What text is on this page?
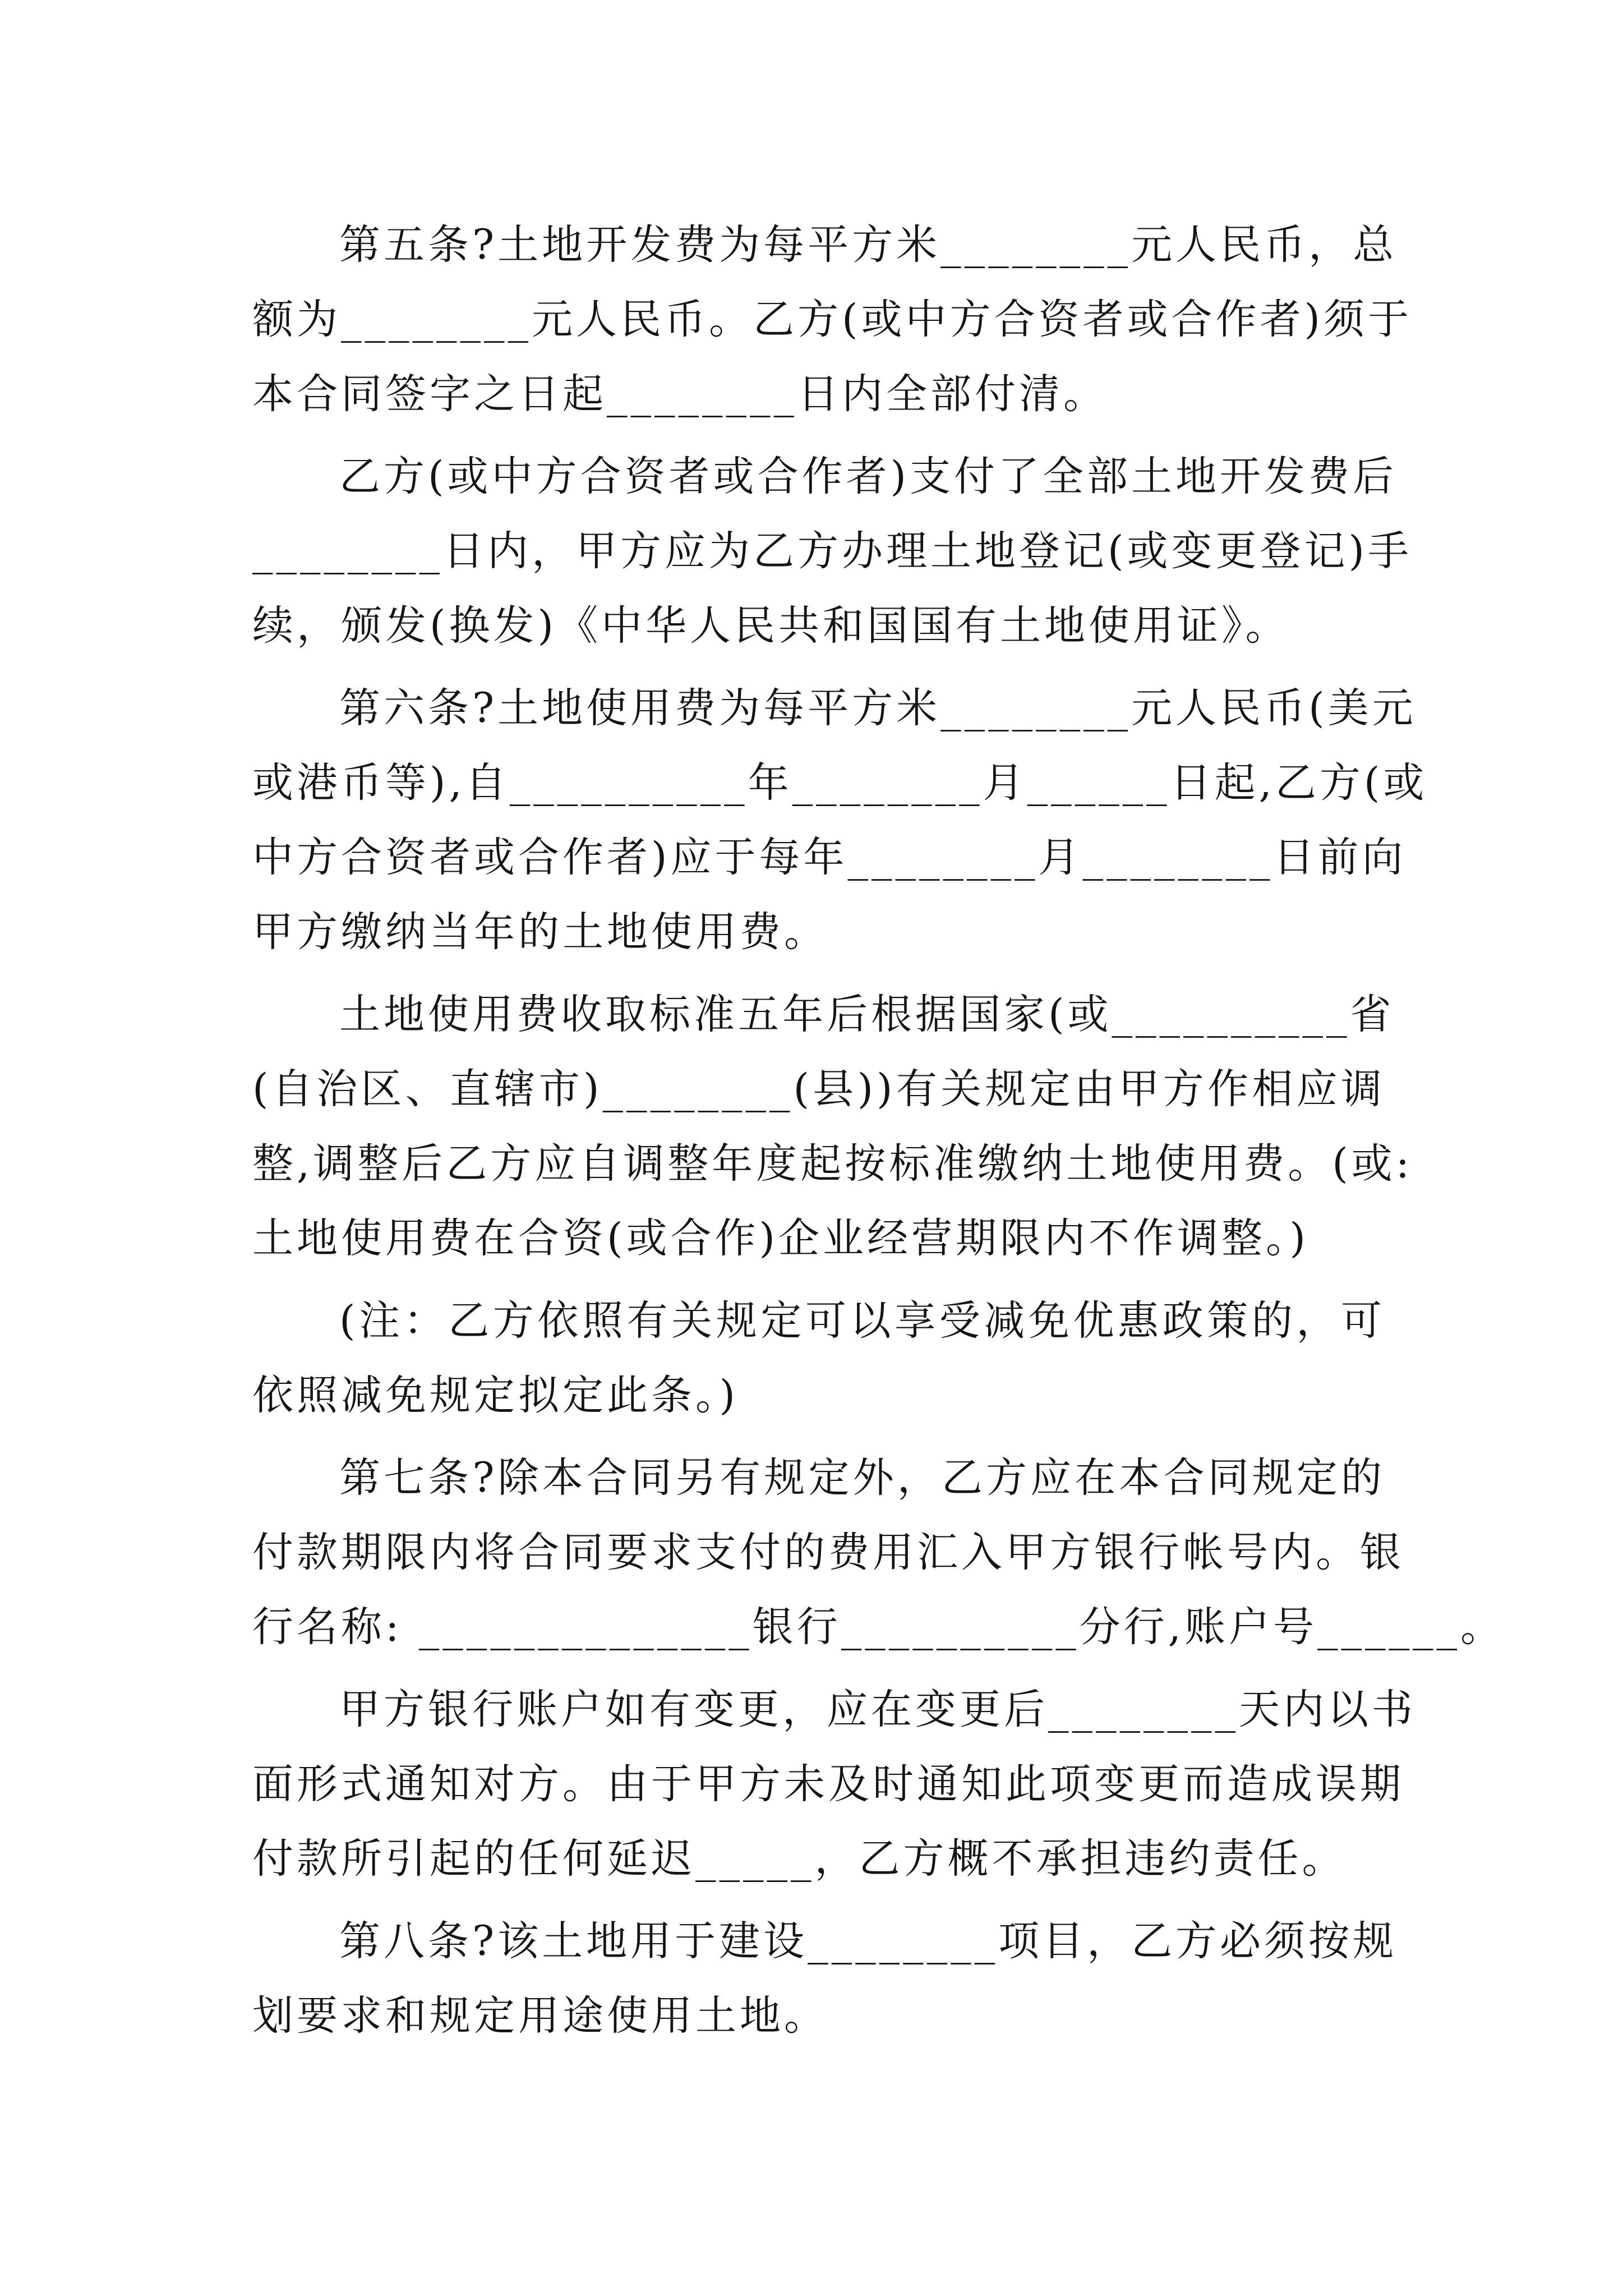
第五条?土地开发费为每平方米________元人民币，总
额为________元人民币。乙方(或中方合资者或合作者)须于
本合同签字之日起________日内全部付清。
乙方(或中方合资者或合作者)支付了全部土地开发费后
________日内，甲方应为乙方办理土地登记(或变更登记)手
续，颁发(换发)《中华人民共和国国有土地使用证》。
第六条?土地使用费为每平方米________元人民币(美元
或港币等),自__________年________月______日起,乙方(或
中方合资者或合作者)应于每年________月________日前向
甲方缴纳当年的土地使用费。
土地使用费收取标准五年后根据国家(或__________省
(自治区、直辖市)________(县))有关规定由甲方作相应调
整,调整后乙方应自调整年度起按标准缴纳土地使用费。(或:
土地使用费在合资(或合作)企业经营期限内不作调整。)
(注：乙方依照有关规定可以享受减免优惠政策的，可
依照减免规定拟定此条。)
第七条?除本合同另有规定外，乙方应在本合同规定的
付款期限内将合同要求支付的费用汇入甲方银行帐号内。银
行名称: ______________银行__________分行,账户号______。
甲方银行账户如有变更，应在变更后________天内以书
面形式通知对方。由于甲方未及时通知此项变更而造成误期
付款所引起的任何延迟_____，乙方概不承担违约责任。
第八条?该土地用于建设________项目，乙方必须按规
划要求和规定用途使用土地。
